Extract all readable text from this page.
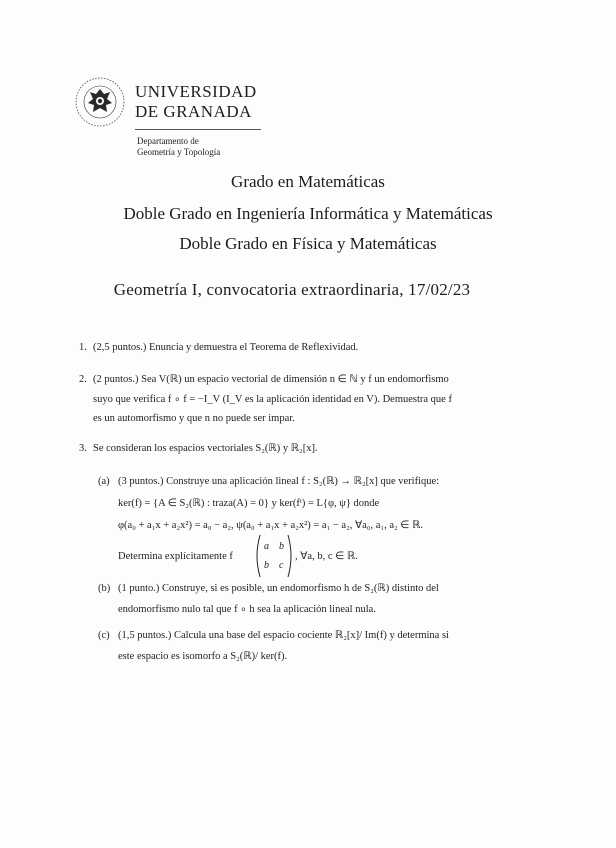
UNIVERSIDAD
DE GRANADA
Departamento de
Geometría y Topología
Grado en Matemáticas
Doble Grado en Ingeniería Informática y Matemáticas
Doble Grado en Física y Matemáticas
Geometría I, convocatoria extraordinaria, 17/02/23
1. (2,5 puntos.) Enuncia y demuestra el Teorema de Reflexividad.
2. (2 puntos.) Sea V(ℝ) un espacio vectorial de dimensión n ∈ ℕ y f un endomorfismo
suyo que verifica f ∘ f = −I_V (I_V es la aplicación identidad en V). Demuestra que f
es un automorfismo y que n no puede ser impar.
3. Se consideran los espacios vectoriales S₂(ℝ) y ℝ₂[x].
(a) (3 puntos.) Construye una aplicación lineal f : S₂(ℝ) → ℝ₂[x] que verifique:
ker(f) = {A ∈ S₂(ℝ) : traza(A) = 0} y ker(fᵗ) = L{φ, ψ} donde
φ(a₀ + a₁x + a₂x²) = a₀ − a₂, ψ(a₀ + a₁x + a₂x²) = a₁ − a₂, ∀a₀, a₁, a₂ ∈ ℝ.
Determina explícitamente f
a b
b c
, ∀a, b, c ∈ ℝ.
(b) (1 punto.) Construye, si es posible, un endomorfismo h de S₂(ℝ) distinto del
endomorfismo nulo tal que f ∘ h sea la aplicación lineal nula.
(c) (1,5 puntos.) Calcula una base del espacio cociente ℝ₂[x]/ Im(f) y determina si
este espacio es isomorfo a S₂(ℝ)/ ker(f).
